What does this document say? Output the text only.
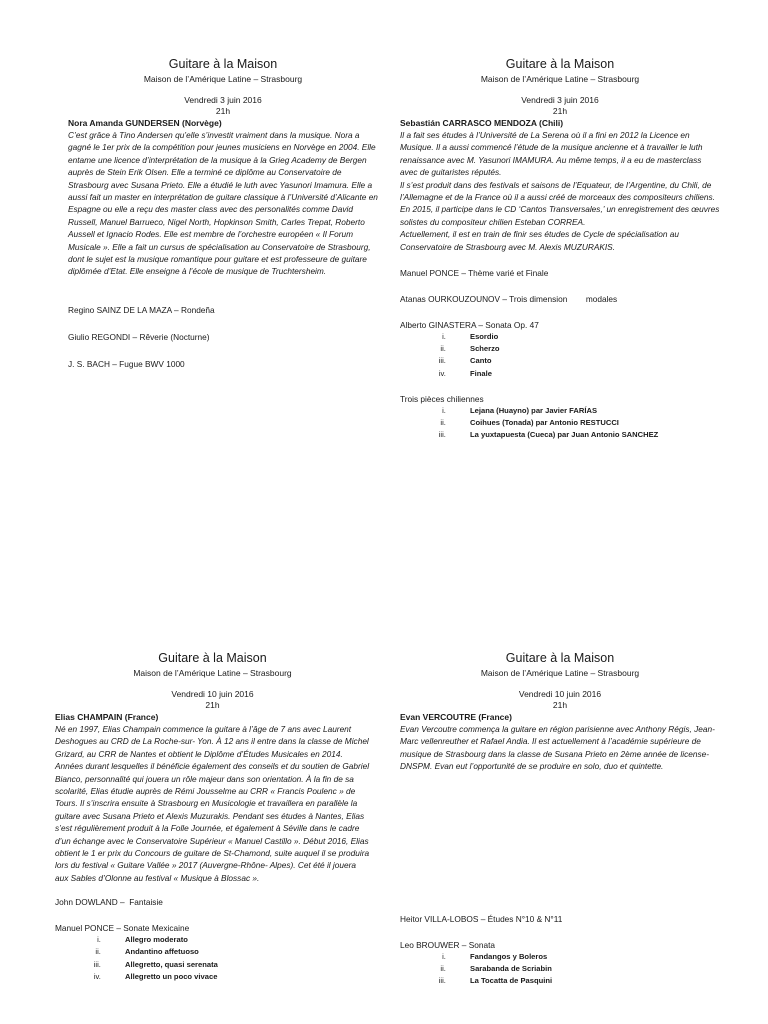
Guitare à la Maison
Maison de l’Amérique Latine – Strasbourg
Vendredi 3 juin 2016
21h
Nora Amanda GUNDERSEN (Norvège)

C’est grâce à Tino Andersen qu’elle s’investit vraiment dans la musique. Nora a gagné le 1er prix de la compétition pour jeunes musiciens en Norvège en 2004. Elle entame une licence d’interprétation de la musique à la Grieg Academy de Bergen auprès de Stein Erik Olsen. Elle a terminé ce diplôme au Conservatoire de Strasbourg avec Susana Prieto. Elle a étudié le luth avec Yasunori Imamura. Elle a aussi fait un master en interprétation de guitare classique à l’Université d’Alicante en Espagne ou elle a reçu des master class avec des personalités comme David Russell, Manuel Barrueco, Nigel North, Hopkinson Smith, Carles Trepat, Roberto Aussell et Ignacio Rodes. Elle est membre de l’orchestre européen « Il Forum Musicale ». Elle a fait un cursus de spécialisation au Conservatoire de Strasbourg, dont le sujet est la musique romantique pour guitare et est professeure de guitare diplômée d’Etat. Elle enseigne à l’école de musique de Truchtersheim.

Regino SAINZ DE LA MAZA – Rondeña

Giulio REGONDI – Rêverie (Nocturne)

J. S. BACH – Fugue BWV 1000

Guitare à la Maison
Maison de l’Amérique Latine – Strasbourg
Vendredi 3 juin 2016
21h
Sebastián CARRASCO MENDOZA (Chili)

Il a fait ses études à l’Université de La Serena où il a fini en 2012 la Licence en Musique. Il a aussi commencé l’étude de la musique ancienne et à travailler le luth renaissance avec M. Yasunori IMAMURA. Au même temps, il a eu de masterclass avec de guitaristes réputés.

Il s’est produit dans des festivals et saisons de l’Equateur, de l’Argentine, du Chili, de l’Allemagne et de la France où il a aussi créé de morceaux des compositeurs chiliens. En 2015, il participe dans le CD ‘Cantos Transversales,’ un enregistrement des œuvres solistes du compositeur chilien Esteban CORREA.

Actuellement, il est en train de finir ses études de Cycle de spécialisation au Conservatoire de Strasbourg avec M. Alexis MUZURAKIS.

Manuel PONCE – Thème varié et Finale

Atanas OURKOUZOUNOV – Trois dimension        modales

Alberto GINASTERA – Sonata Op. 47

i. Esordio
ii. Scherzo
iii. Canto
iv. Finale

Trois pièces chiliennes

i. Lejana (Huayno) par Javier FARÍAS
ii. Coihues (Tonada) par Antonio RESTUCCI
iii. La yuxtapuesta (Cueca) par Juan Antonio SANCHEZ
Guitare à la Maison
Maison de l’Amérique Latine – Strasbourg
Vendredi 10 juin 2016
21h
Elias CHAMPAIN (France)

Né en 1997, Elias Champain commence la guitare à l’âge de 7 ans avec Laurent Deshogues au CRD de La Roche-sur- Yon. À 12 ans il entre dans la classe de Michel Grizard, au CRR de Nantes et obtient le Diplôme d’Études Musicales en 2014. Années durant lesquelles il bénéficie également des conseils et du soutien de Gabriel Bianco, personnalité qui jouera un rôle majeur dans son orientation. À la fin de sa scolarité, Elias étudie auprès de Rémi Jousselme au CRR « Francis Poulenc » de Tours. Il s’inscrira ensuite à Strasbourg en Musicologie et travaillera en parallèle la guitare avec Susana Prieto et Alexis Muzurakis. Pendant ses études à Nantes, Elias s’est régulièrement produit à la Folle Journée, et également à Séville dans le cadre d’un échange avec le Conservatoire Supérieur « Manuel Castillo ». Début 2016, Elias obtient le 1 er prix du Concours de guitare de St-Chamond, suite auquel il se produira lors du festival « Guitare Vallée » 2017 (Auvergne-Rhône- Alpes). Cet été il jouera aux Sables d’Olonne au festival « Musique à Blossac ».

John DOWLAND –  Fantaisie

Manuel PONCE – Sonate Mexicaine

i. Allegro moderato
ii. Andantino affetuoso
iii. Allegretto, quasi serenata
iv. Allegretto un poco vivace
Guitare à la Maison
Maison de l’Amérique Latine – Strasbourg
Vendredi 10 juin 2016
21h
Evan VERCOUTRE (France)

Evan Vercoutre commença la guitare en région parisienne avec Anthony Régis, Jean-Marc vellenreuther et Rafael Andia. Il est actuellement à l’académie supérieure de musique de Strasbourg dans la classe de Susana Prieto en 2ème année de license-DNSPM. Evan eut l’opportunité de se produire en solo, duo et quintette.

Heitor VILLA-LOBOS – Études N°10 & N°11

Leo BROUWER – Sonata

i. Fandangos y Boleros
ii. Sarabanda de Scriabin
iii. La Tocatta de Pasquini
